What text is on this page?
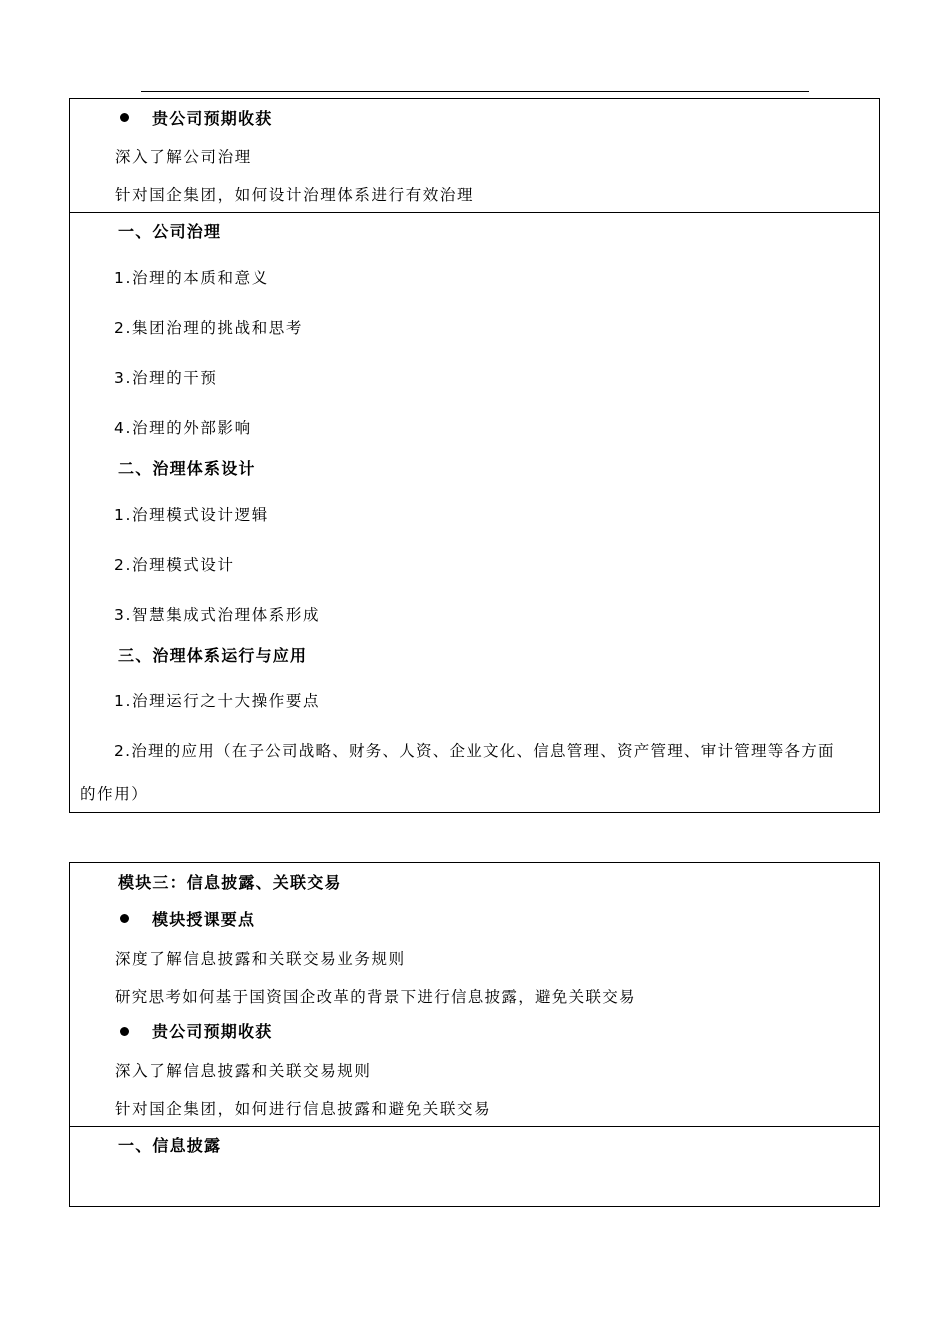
贵公司预期收获
深入了解公司治理
针对国企集团，如何设计治理体系进行有效治理
一、公司治理
1.治理的本质和意义
2.集团治理的挑战和思考
3.治理的干预
4.治理的外部影响
二、治理体系设计
1.治理模式设计逻辑
2.治理模式设计
3.智慧集成式治理体系形成
三、治理体系运行与应用
1.治理运行之十大操作要点
2.治理的应用（在子公司战略、财务、人资、企业文化、信息管理、资产管理、审计管理等各方面
的作用）
模块三：信息披露、关联交易
模块授课要点
深度了解信息披露和关联交易业务规则
研究思考如何基于国资国企改革的背景下进行信息披露，避免关联交易
贵公司预期收获
深入了解信息披露和关联交易规则
针对国企集团，如何进行信息披露和避免关联交易
一、信息披露
